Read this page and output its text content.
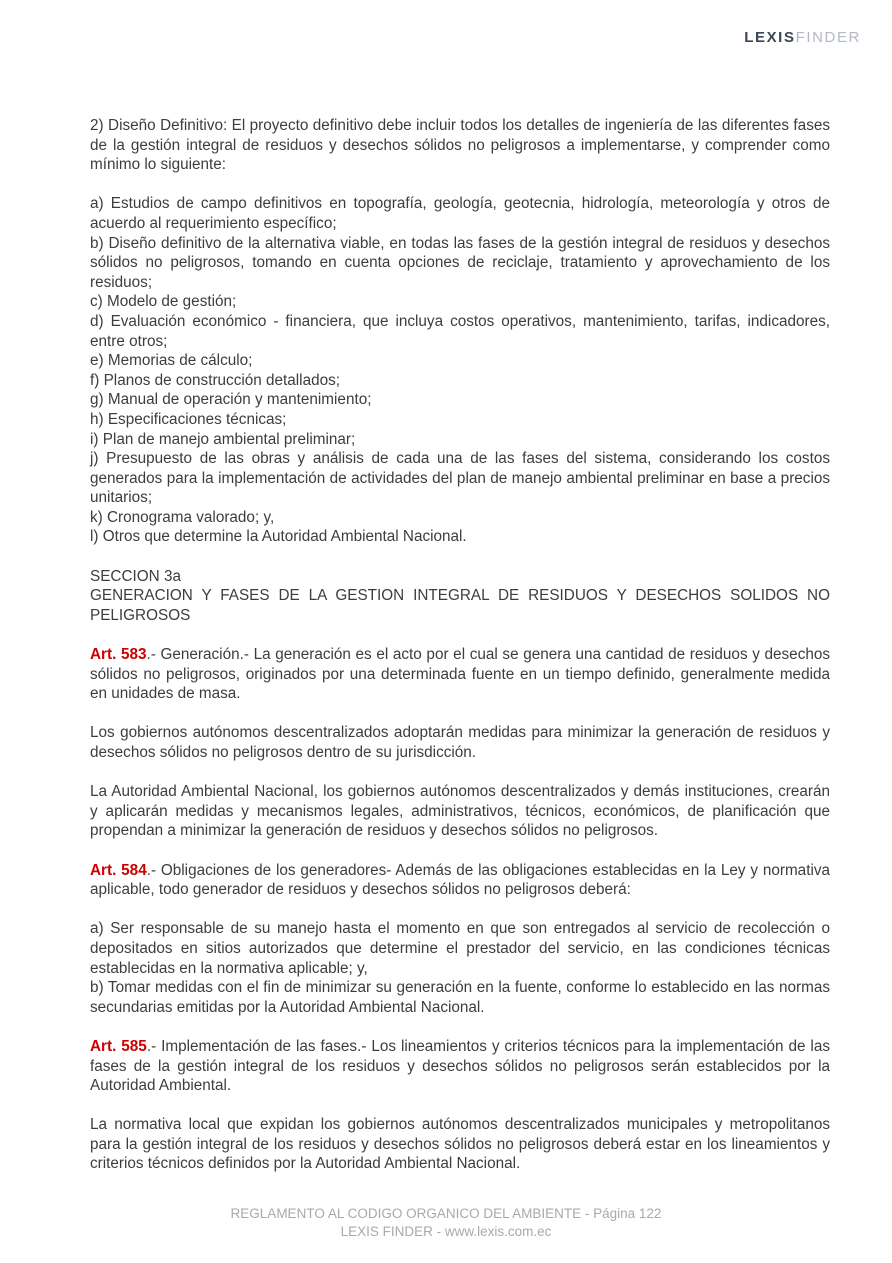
LEXISFINDER

2) Diseño Definitivo: El proyecto definitivo debe incluir todos los detalles de ingeniería de las diferentes fases de la gestión integral de residuos y desechos sólidos no peligrosos a implementarse, y comprender como mínimo lo siguiente:

a) Estudios de campo definitivos en topografía, geología, geotecnia, hidrología, meteorología y otros de acuerdo al requerimiento específico;

b) Diseño definitivo de la alternativa viable, en todas las fases de la gestión integral de residuos y desechos sólidos no peligrosos, tomando en cuenta opciones de reciclaje, tratamiento y aprovechamiento de los residuos;

c) Modelo de gestión;

d) Evaluación económico - financiera, que incluya costos operativos, mantenimiento, tarifas, indicadores, entre otros;

e) Memorias de cálculo;

f) Planos de construcción detallados;

g) Manual de operación y mantenimiento;

h) Especificaciones técnicas;

i) Plan de manejo ambiental preliminar;

j) Presupuesto de las obras y análisis de cada una de las fases del sistema, considerando los costos generados para la implementación de actividades del plan de manejo ambiental preliminar en base a precios unitarios;

k) Cronograma valorado; y,

l) Otros que determine la Autoridad Ambiental Nacional.

SECCION 3a

GENERACION Y FASES DE LA GESTION INTEGRAL DE RESIDUOS Y DESECHOS SOLIDOS NO PELIGROSOS

Art. 583.- Generación.- La generación es el acto por el cual se genera una cantidad de residuos y desechos sólidos no peligrosos, originados por una determinada fuente en un tiempo definido, generalmente medida en unidades de masa.

Los gobiernos autónomos descentralizados adoptarán medidas para minimizar la generación de residuos y desechos sólidos no peligrosos dentro de su jurisdicción.

La Autoridad Ambiental Nacional, los gobiernos autónomos descentralizados y demás instituciones, crearán y aplicarán medidas y mecanismos legales, administrativos, técnicos, económicos, de planificación que propendan a minimizar la generación de residuos y desechos sólidos no peligrosos.

Art. 584.- Obligaciones de los generadores- Además de las obligaciones establecidas en la Ley y normativa aplicable, todo generador de residuos y desechos sólidos no peligrosos deberá:

a) Ser responsable de su manejo hasta el momento en que son entregados al servicio de recolección o depositados en sitios autorizados que determine el prestador del servicio, en las condiciones técnicas establecidas en la normativa aplicable; y,

b) Tomar medidas con el fin de minimizar su generación en la fuente, conforme lo establecido en las normas secundarias emitidas por la Autoridad Ambiental Nacional.

Art. 585.- Implementación de las fases.- Los lineamientos y criterios técnicos para la implementación de las fases de la gestión integral de los residuos y desechos sólidos no peligrosos serán establecidos por la Autoridad Ambiental.

La normativa local que expidan los gobiernos autónomos descentralizados municipales y metropolitanos para la gestión integral de los residuos y desechos sólidos no peligrosos deberá estar en los lineamientos y criterios técnicos definidos por la Autoridad Ambiental Nacional.

REGLAMENTO AL CODIGO ORGANICO DEL AMBIENTE - Página 122

LEXIS FINDER - www.lexis.com.ec
